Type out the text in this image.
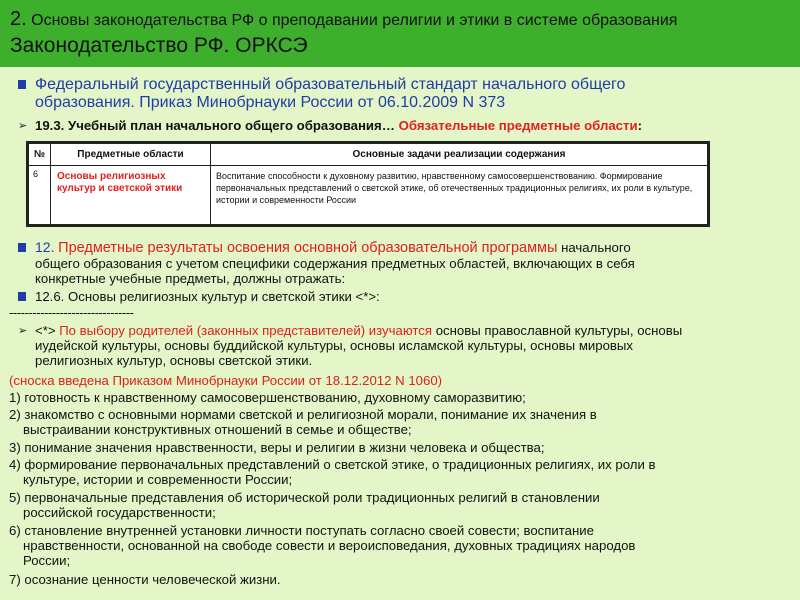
2. Основы законодательства РФ о преподавании религии и этики в системе образования
Законодательство РФ. ОРКСЭ
Федеральный государственный образовательный стандарт начального общего
образования. Приказ Минобрнауки России от 06.10.2009 N 373
➢ 19.3. Учебный план начального общего образования… Обязательные предметные области:
№	Предметные области	Основные задачи реализации содержания
6	Основы религиозных культур и светской этики	Воспитание способности к духовному развитию, нравственному самосовершенствованию. Формирование первоначальных представлений о светской этике, об отечественных традиционных религиях, их роли в культуре, истории и современности России
12. Предметные результаты освоения основной образовательной программы начального
общего образования с учетом специфики содержания предметных областей, включающих в себя
конкретные учебные предметы, должны отражать:
12.6. Основы религиозных культур и светской этики <*>:
--------------------------------
➢ <*> По выбору родителей (законных представителей) изучаются основы православной культуры, основы
иудейской культуры, основы буддийской культуры, основы исламской культуры, основы мировых
религиозных культур, основы светской этики.
(сноска введена Приказом Минобрнауки России от 18.12.2012 N 1060)
1) готовность к нравственному самосовершенствованию, духовному саморазвитию;
2) знакомство с основными нормами светской и религиозной морали, понимание их значения в
выстраивании конструктивных отношений в семье и обществе;
3) понимание значения нравственности, веры и религии в жизни человека и общества;
4) формирование первоначальных представлений о светской этике, о традиционных религиях, их роли в
культуре, истории и современности России;
5) первоначальные представления об исторической роли традиционных религий в становлении
российской государственности;
6) становление внутренней установки личности поступать согласно своей совести; воспитание
нравственности, основанной на свободе совести и вероисповедания, духовных традициях народов
России;
7) осознание ценности человеческой жизни.
